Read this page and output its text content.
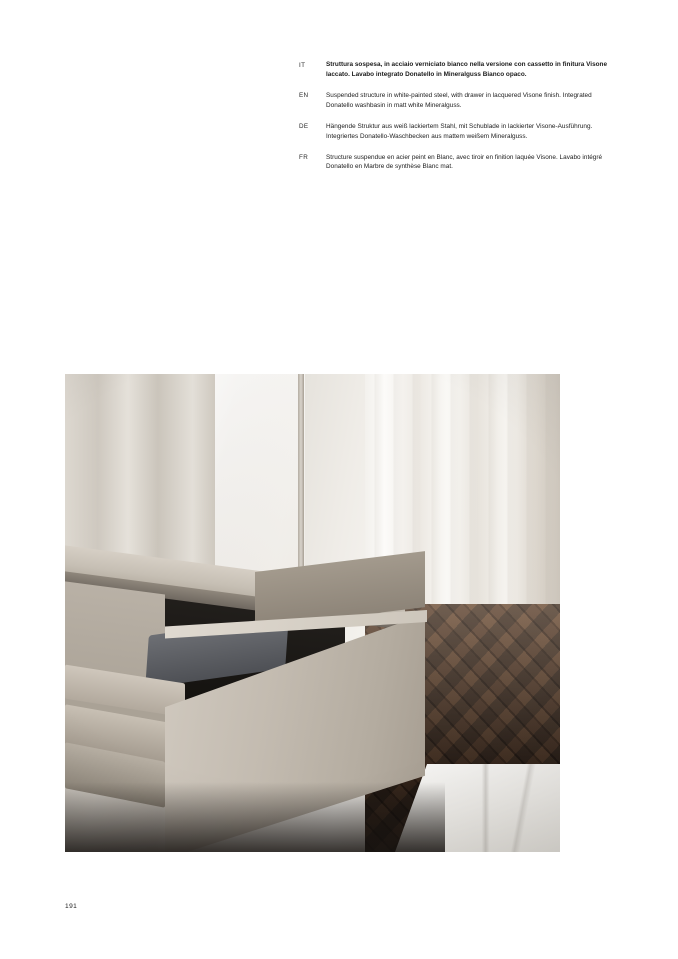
IT	Struttura sospesa, in acciaio verniciato bianco nella versione con cassetto in finitura Visone laccato. Lavabo integrato Donatello in Mineralguss Bianco opaco.
EN	Suspended structure in white-painted steel, with drawer in lacquered Visone finish. Integrated Donatello washbasin in matt white Mineralguss.
DE	Hängende Struktur aus weiß lackiertem Stahl, mit Schublade in lackierter Visone-Ausführung. Integriertes Donatello-Waschbecken aus mattem weißem Mineralguss.
FR	Structure suspendue en acier peint en Blanc, avec tiroir en finition laquée Visone. Lavabo intégré Donatello en Marbre de synthèse Blanc mat.
191
